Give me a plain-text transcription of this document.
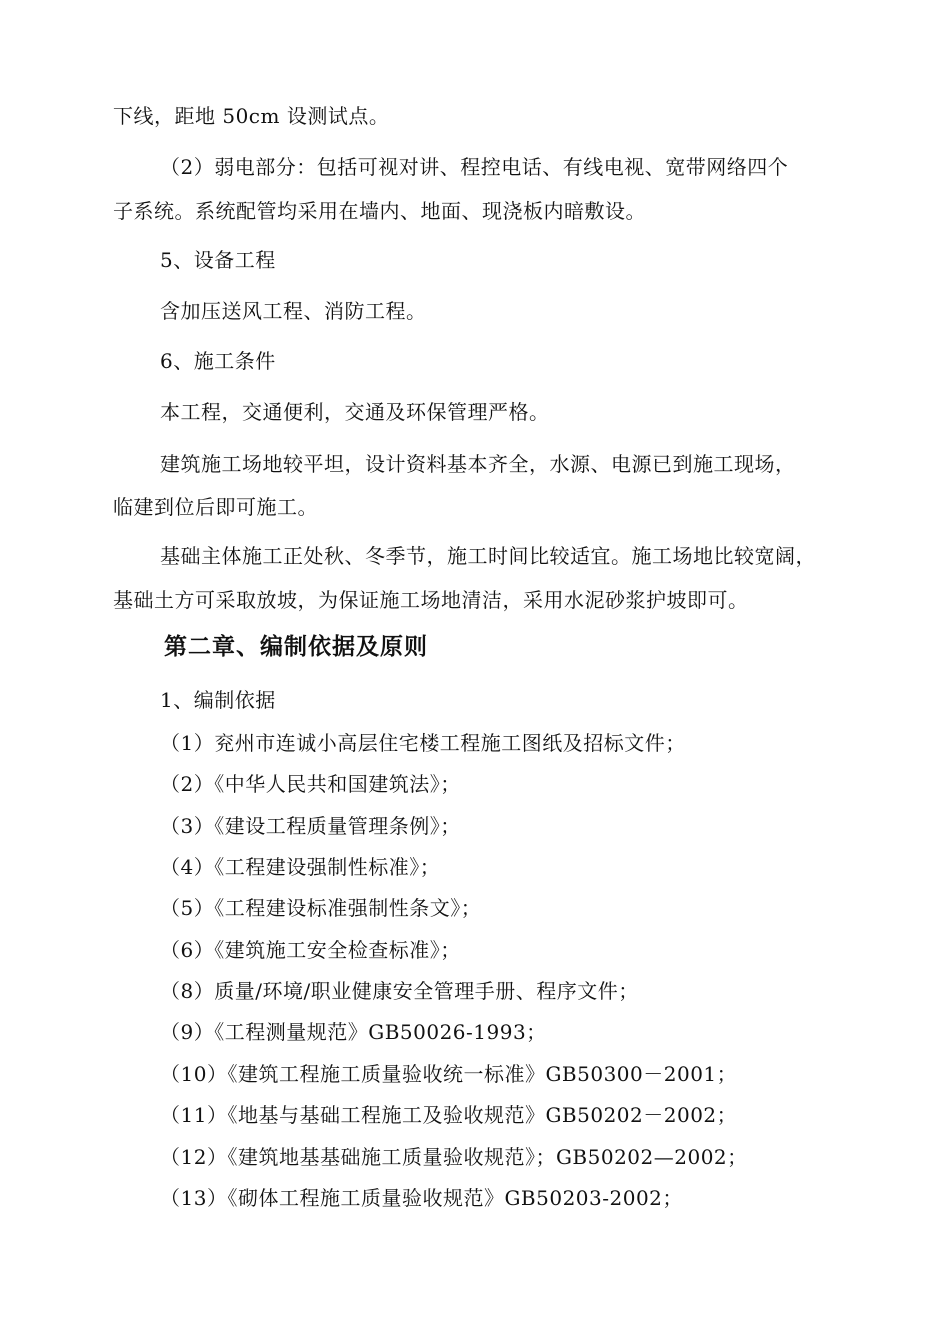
下线，距地 50cm 设测试点。
（2）弱电部分：包括可视对讲、程控电话、有线电视、宽带网络四个
子系统。系统配管均采用在墙内、地面、现浇板内暗敷设。
5、设备工程
含加压送风工程、消防工程。
6、施工条件
本工程，交通便利，交通及环保管理严格。
建筑施工场地较平坦，设计资料基本齐全，水源、电源已到施工现场，
临建到位后即可施工。
基础主体施工正处秋、冬季节，施工时间比较适宜。施工场地比较宽阔，
基础土方可采取放坡，为保证施工场地清洁，采用水泥砂浆护坡即可。
第二章、编制依据及原则
1、编制依据
（1）兖州市连诚小高层住宅楼工程施工图纸及招标文件；
（2）《中华人民共和国建筑法》；
（3）《建设工程质量管理条例》；
（4）《工程建设强制性标准》；
（5）《工程建设标准强制性条文》；
（6）《建筑施工安全检查标准》；
（8）质量/环境/职业健康安全管理手册、程序文件；
（9）《工程测量规范》GB50026-1993；
（10）《建筑工程施工质量验收统一标准》GB50300－2001；
（11）《地基与基础工程施工及验收规范》GB50202－2002；
（12）《建筑地基基础施工质量验收规范》；GB50202—2002；
（13）《砌体工程施工质量验收规范》GB50203-2002；
